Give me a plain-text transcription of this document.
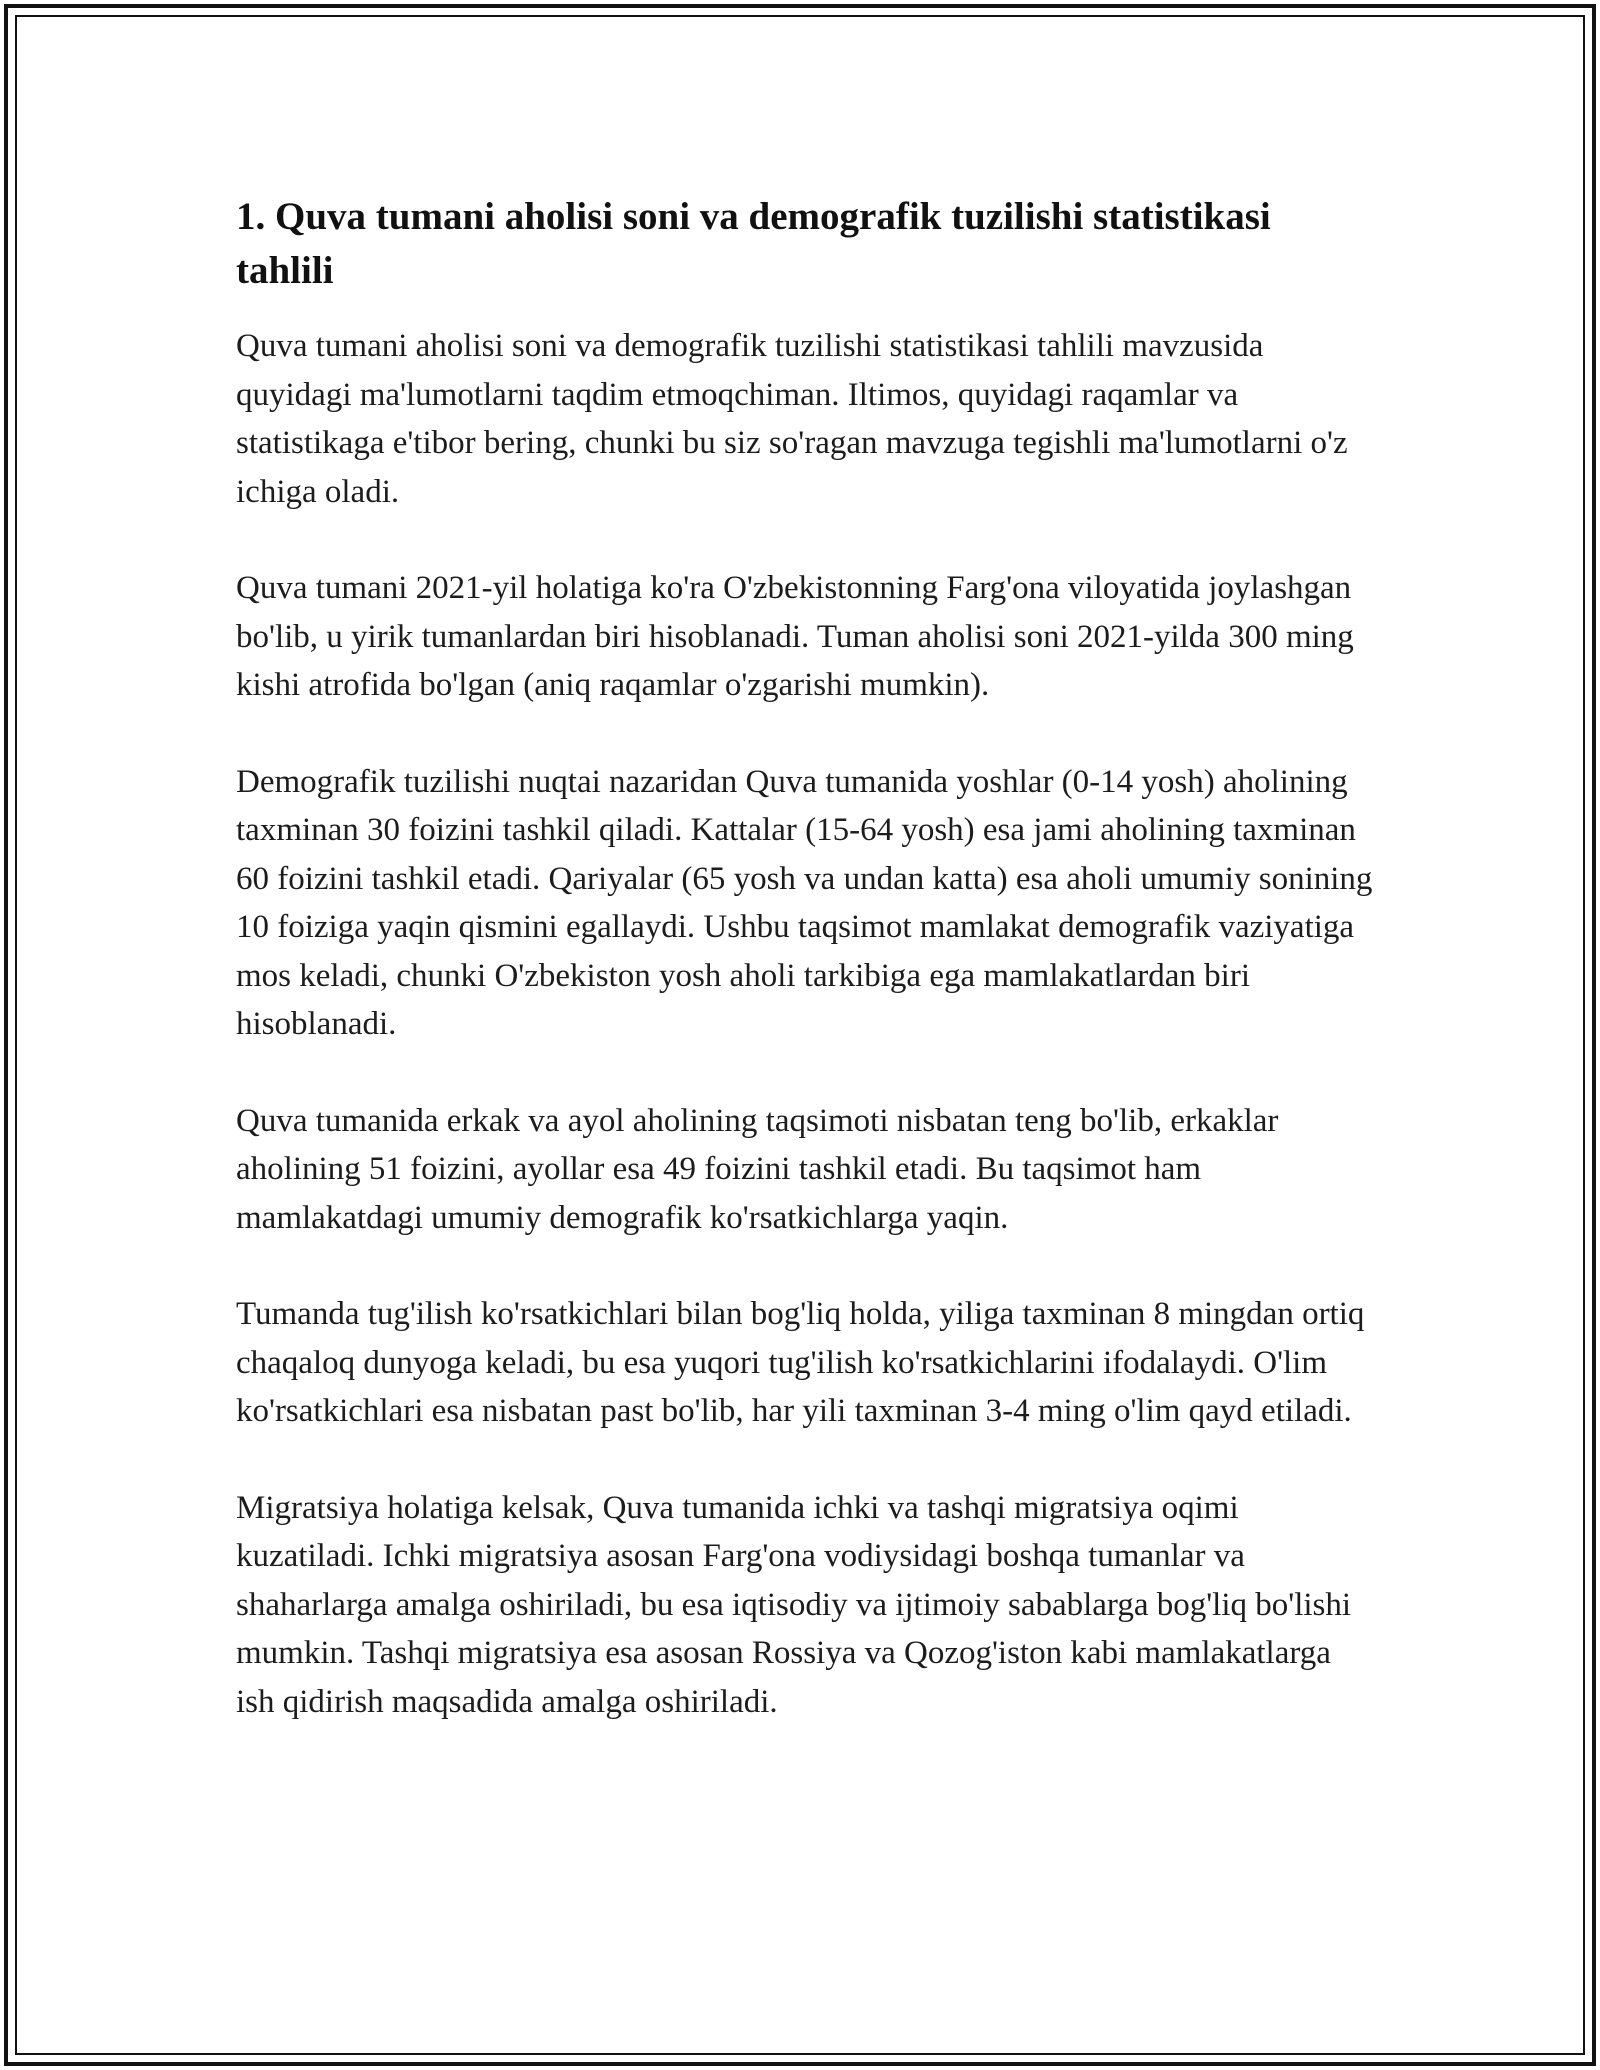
1. Quva tumani aholisi soni va demografik tuzilishi statistikasi tahlili

Quva tumani aholisi soni va demografik tuzilishi statistikasi tahlili mavzusida quyidagi ma'lumotlarni taqdim etmoqchiman. Iltimos, quyidagi raqamlar va statistikaga e'tibor bering, chunki bu siz so'ragan mavzuga tegishli ma'lumotlarni o'z ichiga oladi.

Quva tumani 2021-yil holatiga ko'ra O'zbekistonning Farg'ona viloyatida joylashgan bo'lib, u yirik tumanlardan biri hisoblanadi. Tuman aholisi soni 2021-yilda 300 ming kishi atrofida bo'lgan (aniq raqamlar o'zgarishi mumkin).

Demografik tuzilishi nuqtai nazaridan Quva tumanida yoshlar (0-14 yosh) aholining taxminan 30 foizini tashkil qiladi. Kattalar (15-64 yosh) esa jami aholining taxminan 60 foizini tashkil etadi. Qariyalar (65 yosh va undan katta) esa aholi umumiy sonining 10 foiziga yaqin qismini egallaydi. Ushbu taqsimot mamlakat demografik vaziyatiga mos keladi, chunki O'zbekiston yosh aholi tarkibiga ega mamlakatlardan biri hisoblanadi.

Quva tumanida erkak va ayol aholining taqsimoti nisbatan teng bo'lib, erkaklar aholining 51 foizini, ayollar esa 49 foizini tashkil etadi. Bu taqsimot ham mamlakatdagi umumiy demografik ko'rsatkichlarga yaqin.

Tumanda tug'ilish ko'rsatkichlari bilan bog'liq holda, yiliga taxminan 8 mingdan ortiq chaqaloq dunyoga keladi, bu esa yuqori tug'ilish ko'rsatkichlarini ifodalaydi. O'lim ko'rsatkichlari esa nisbatan past bo'lib, har yili taxminan 3-4 ming o'lim qayd etiladi.

Migratsiya holatiga kelsak, Quva tumanida ichki va tashqi migratsiya oqimi kuzatiladi. Ichki migratsiya asosan Farg'ona vodiysidagi boshqa tumanlar va shaharlarga amalga oshiriladi, bu esa iqtisodiy va ijtimoiy sabablarga bog'liq bo'lishi mumkin. Tashqi migratsiya esa asosan Rossiya va Qozog'iston kabi mamlakatlarga ish qidirish maqsadida amalga oshiriladi.
